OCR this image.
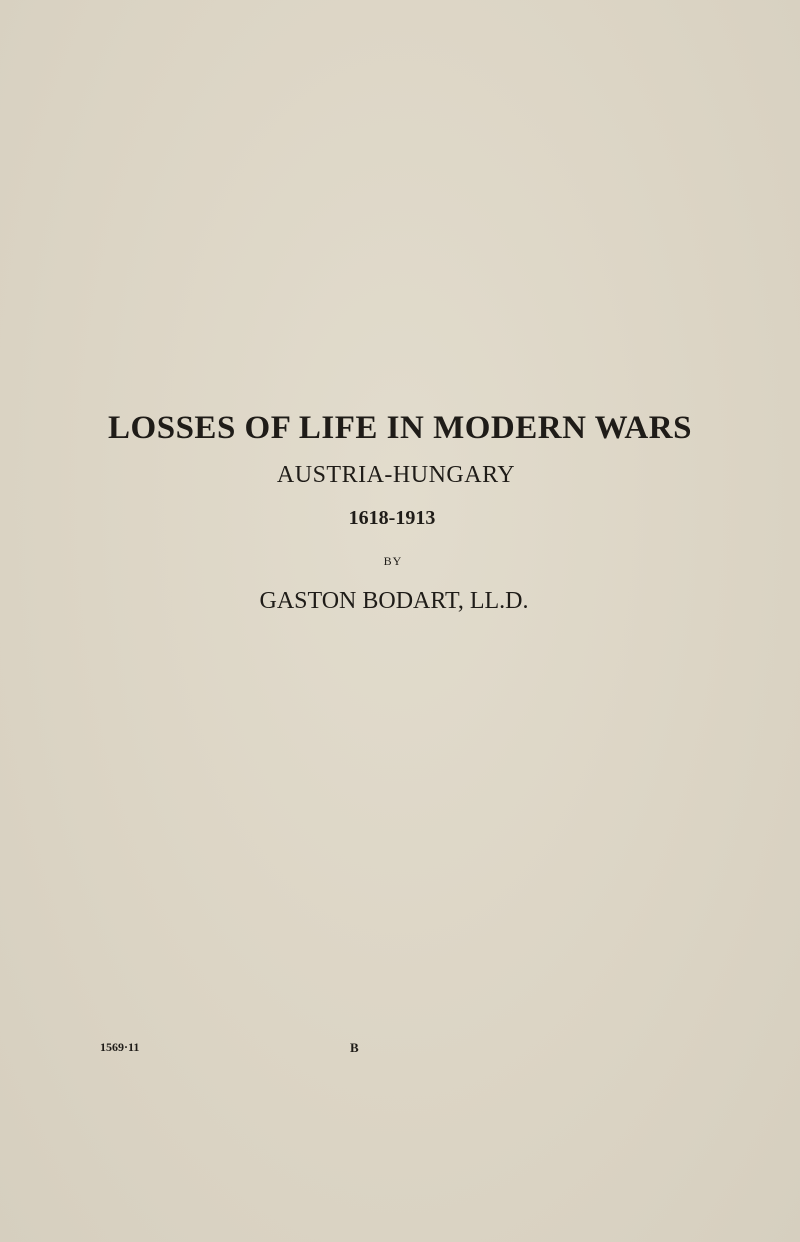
LOSSES OF LIFE IN MODERN WARS
AUSTRIA-HUNGARY
1618-1913
BY
GASTON BODART, LL.D.
1569·11	B
